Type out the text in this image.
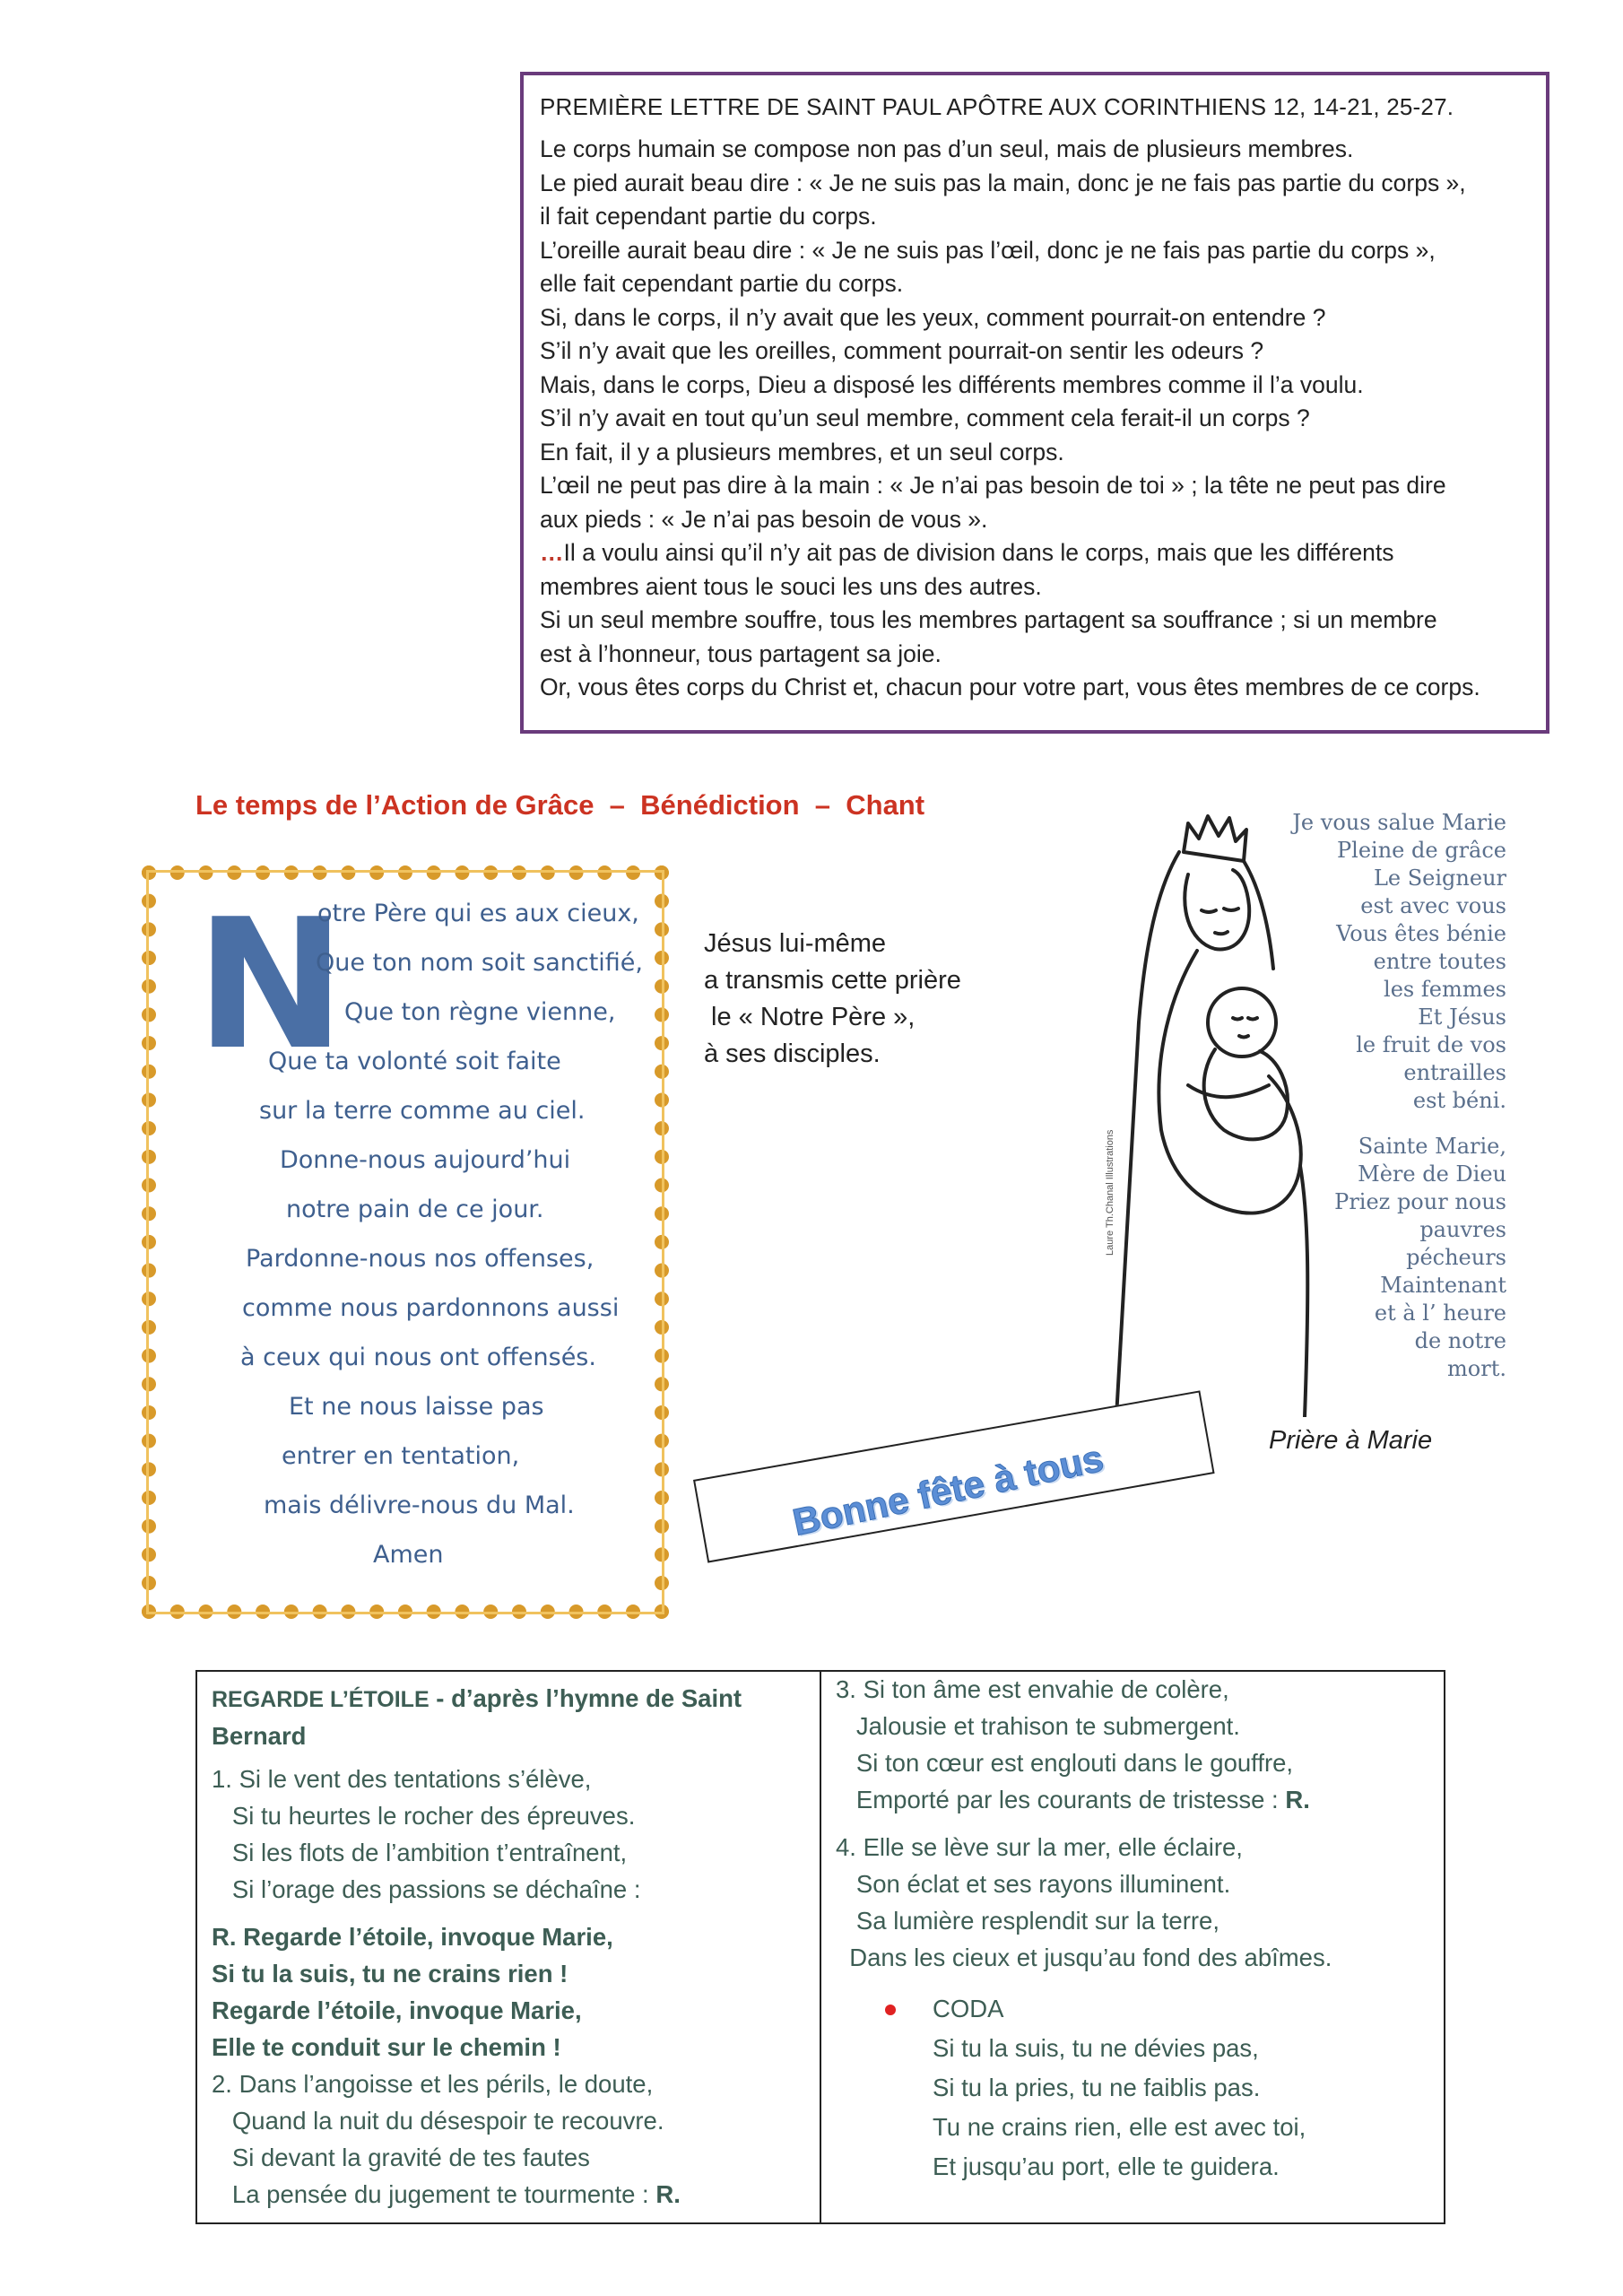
PREMIÈRE LETTRE DE SAINT PAUL APÔTRE AUX CORINTHIENS 12, 14-21, 25-27.
Le corps humain se compose non pas d’un seul, mais de plusieurs membres.
Le pied aurait beau dire : « Je ne suis pas la main, donc je ne fais pas partie du corps »,
il fait cependant partie du corps.
L’oreille aurait beau dire : « Je ne suis pas l’œil, donc je ne fais pas partie du corps »,
elle fait cependant partie du corps.
Si, dans le corps, il n’y avait que les yeux, comment pourrait-on entendre ?
S’il n’y avait que les oreilles, comment pourrait-on sentir les odeurs ?
Mais, dans le corps, Dieu a disposé les différents membres comme il l’a voulu.
S’il n’y avait en tout qu’un seul membre, comment cela ferait-il un corps ?
En fait, il y a plusieurs membres, et un seul corps.
L’œil ne peut pas dire à la main : « Je n’ai pas besoin de toi » ; la tête ne peut pas dire
aux pieds : « Je n’ai pas besoin de vous ».
…Il a voulu ainsi qu’il n’y ait pas de division dans le corps, mais que les différents
membres aient tous le souci les uns des autres.
Si un seul membre souffre, tous les membres partagent sa souffrance ; si un membre
est à l’honneur, tous partagent sa joie.
Or, vous êtes corps du Christ et, chacun pour votre part, vous êtes membres de ce corps.
Le temps de l’Action de Grâce  –  Bénédiction  –  Chant
N
otre Père qui es aux cieux,
Que ton nom soit sanctifié,
Que ton règne vienne,
Que ta volonté soit faite
sur la terre comme au ciel.
Donne-nous aujourd’hui
notre pain de ce jour.
Pardonne-nous nos offenses,
comme nous pardonnons aussi
à ceux qui nous ont offensés.
Et ne nous laisse pas
entrer en tentation,
mais délivre-nous du Mal.
Amen
Jésus lui-même
a transmis cette prière
le « Notre Père »,
à ses disciples.
Laure Th.Chanal Illustrations
Je vous salue Marie
Pleine de grâce
Le Seigneur
est avec vous
Vous êtes bénie
entre toutes
les femmes
Et Jésus
le fruit de vos
entrailles
est béni.
Sainte Marie,
Mère de Dieu
Priez pour nous
pauvres
pécheurs
Maintenant
et à l’ heure
de notre
mort.
Prière à Marie
Bonne fête à tous
REGARDE L’ÉTOILE - d’après l’hymne de Saint
Bernard
1. Si le vent des tentations s’élève,
Si tu heurtes le rocher des épreuves.
Si les flots de l’ambition t’entraînent,
Si l’orage des passions se déchaîne :
R. Regarde l’étoile, invoque Marie,
Si tu la suis, tu ne crains rien !
Regarde l’étoile, invoque Marie,
Elle te conduit sur le chemin !
2. Dans l’angoisse et les périls, le doute,
Quand la nuit du désespoir te recouvre.
Si devant la gravité de tes fautes
La pensée du jugement te tourmente : R.
3. Si ton âme est envahie de colère,
Jalousie et trahison te submergent.
Si ton cœur est englouti dans le gouffre,
Emporté par les courants de tristesse : R.
4. Elle se lève sur la mer, elle éclaire,
Son éclat et ses rayons illuminent.
Sa lumière resplendit sur la terre,
Dans les cieux et jusqu’au fond des abîmes.
CODA
Si tu la suis, tu ne dévies pas,
Si tu la pries, tu ne faiblis pas.
Tu ne crains rien, elle est avec toi,
Et jusqu’au port, elle te guidera.
